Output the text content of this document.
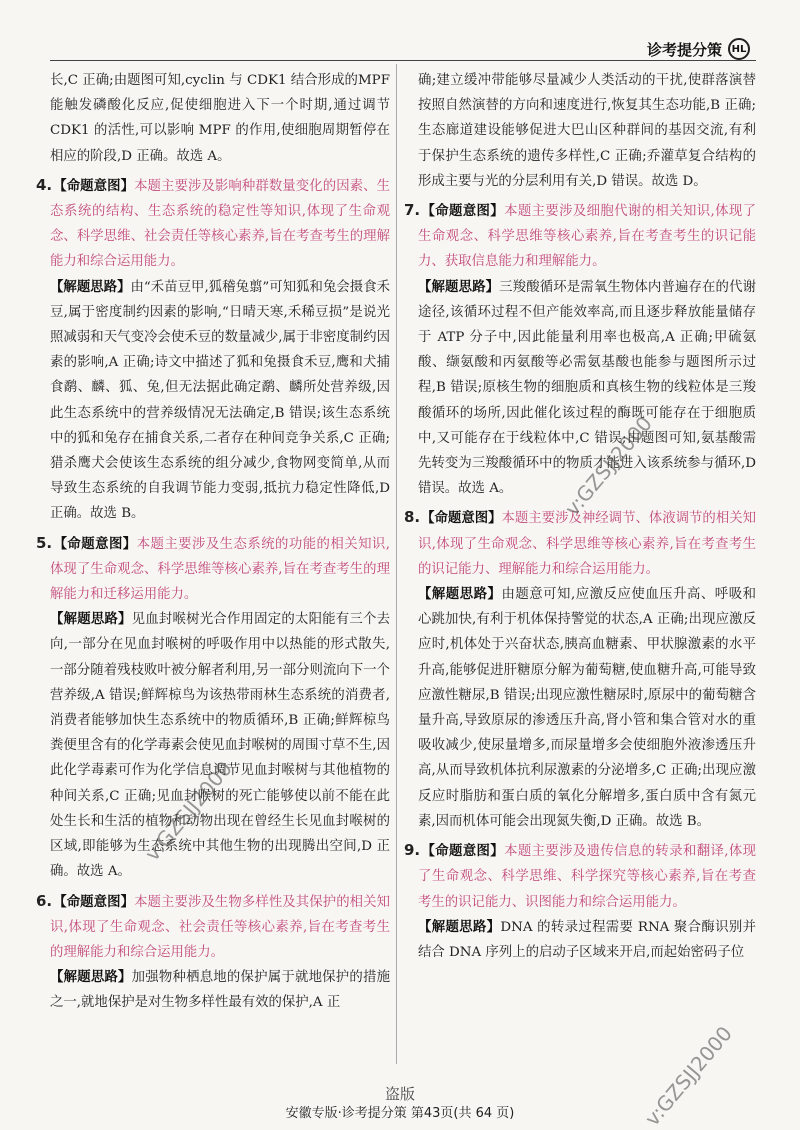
诊考提分策 HL

长,C 正确;由题图可知,cyclin 与 CDK1 结合形成的MPF 能触发磷酸化反应,促使细胞进入下一个时期,通过调节 CDK1 的活性,可以影响 MPF 的作用,使细胞周期暂停在相应的阶段,D 正确。故选 A。

4.【命题意图】本题主要涉及影响种群数量变化的因素、生态系统的结构、生态系统的稳定性等知识,体现了生命观念、科学思维、社会责任等核心素养,旨在考查考生的理解能力和综合运用能力。

【解题思路】由“禾苗豆甲,狐稽兔翦”可知狐和兔会摄食禾豆,属于密度制约因素的影响,“日晴天寒,禾稀豆损”是说光照减弱和天气变冷会使禾豆的数量减少,属于非密度制约因素的影响,A 正确;诗文中描述了狐和兔摄食禾豆,鹰和犬捕食鹬、麟、狐、兔,但无法据此确定鹬、麟所处营养级,因此生态系统中的营养级情况无法确定,B 错误;该生态系统中的狐和兔存在捕食关系,二者存在种间竞争关系,C 正确;猎杀鹰犬会使该生态系统的组分减少,食物网变简单,从而导致生态系统的自我调节能力变弱,抵抗力稳定性降低,D 正确。故选 B。

5.【命题意图】本题主要涉及生态系统的功能的相关知识,体现了生命观念、科学思维等核心素养,旨在考查考生的理解能力和迁移运用能力。

【解题思路】见血封喉树光合作用固定的太阳能有三个去向,一部分在见血封喉树的呼吸作用中以热能的形式散失,一部分随着残枝败叶被分解者利用,另一部分则流向下一个营养级,A 错误;鲜辉椋鸟为该热带雨林生态系统的消费者,消费者能够加快生态系统中的物质循环,B 正确;鲜辉椋鸟粪便里含有的化学毒素会使见血封喉树的周围寸草不生,因此化学毒素可作为化学信息调节见血封喉树与其他植物的种间关系,C 正确;见血封喉树的死亡能够使以前不能在此处生长和生活的植物和动物出现在曾经生长见血封喉树的区域,即能够为生态系统中其他生物的出现腾出空间,D 正确。故选 A。

6.【命题意图】本题主要涉及生物多样性及其保护的相关知识,体现了生命观念、社会责任等核心素养,旨在考查考生的理解能力和综合运用能力。

【解题思路】加强物种栖息地的保护属于就地保护的措施之一,就地保护是对生物多样性最有效的保护,A 正

确;建立缓冲带能够尽量减少人类活动的干扰,使群落演替按照自然演替的方向和速度进行,恢复其生态功能,B 正确;生态廊道建设能够促进大巴山区种群间的基因交流,有利于保护生态系统的遗传多样性,C 正确;乔灌草复合结构的形成主要与光的分层利用有关,D 错误。故选 D。

7.【命题意图】本题主要涉及细胞代谢的相关知识,体现了生命观念、科学思维等核心素养,旨在考查考生的识记能力、获取信息能力和理解能力。

【解题思路】三羧酸循环是需氧生物体内普遍存在的代谢途径,该循环过程不但产能效率高,而且逐步释放能量储存于 ATP 分子中,因此能量利用率也极高,A 正确;甲硫氨酸、缬氨酸和丙氨酸等必需氨基酸也能参与题图所示过程,B 错误;原核生物的细胞质和真核生物的线粒体是三羧酸循环的场所,因此催化该过程的酶既可能存在于细胞质中,又可能存在于线粒体中,C 错误;由题图可知,氨基酸需先转变为三羧酸循环中的物质才能进入该系统参与循环,D 错误。故选 A。

8.【命题意图】本题主要涉及神经调节、体液调节的相关知识,体现了生命观念、科学思维等核心素养,旨在考查考生的识记能力、理解能力和综合运用能力。

【解题思路】由题意可知,应激反应使血压升高、呼吸和心跳加快,有利于机体保持警觉的状态,A 正确;出现应激反应时,机体处于兴奋状态,胰高血糖素、甲状腺激素的水平升高,能够促进肝糖原分解为葡萄糖,使血糖升高,可能导致应激性糖尿,B 错误;出现应激性糖尿时,原尿中的葡萄糖含量升高,导致原尿的渗透压升高,肾小管和集合管对水的重吸收减少,使尿量增多,而尿量增多会使细胞外液渗透压升高,从而导致机体抗利尿激素的分泌增多,C 正确;出现应激反应时脂肪和蛋白质的氧化分解增多,蛋白质中含有氮元素,因而机体可能会出现氮失衡,D 正确。故选 B。

9.【命题意图】本题主要涉及遗传信息的转录和翻译,体现了生命观念、科学思维、科学探究等核心素养,旨在考查考生的识记能力、识图能力和综合运用能力。

【解题思路】DNA 的转录过程需要 RNA 聚合酶识别并结合 DNA 序列上的启动子区域来开启,而起始密码子位

盗版
安徽专版·诊考提分策 第43页(共 64 页)
v:GZSJJ2000
v:GZSJJ2000
v:GZSJJ2000
